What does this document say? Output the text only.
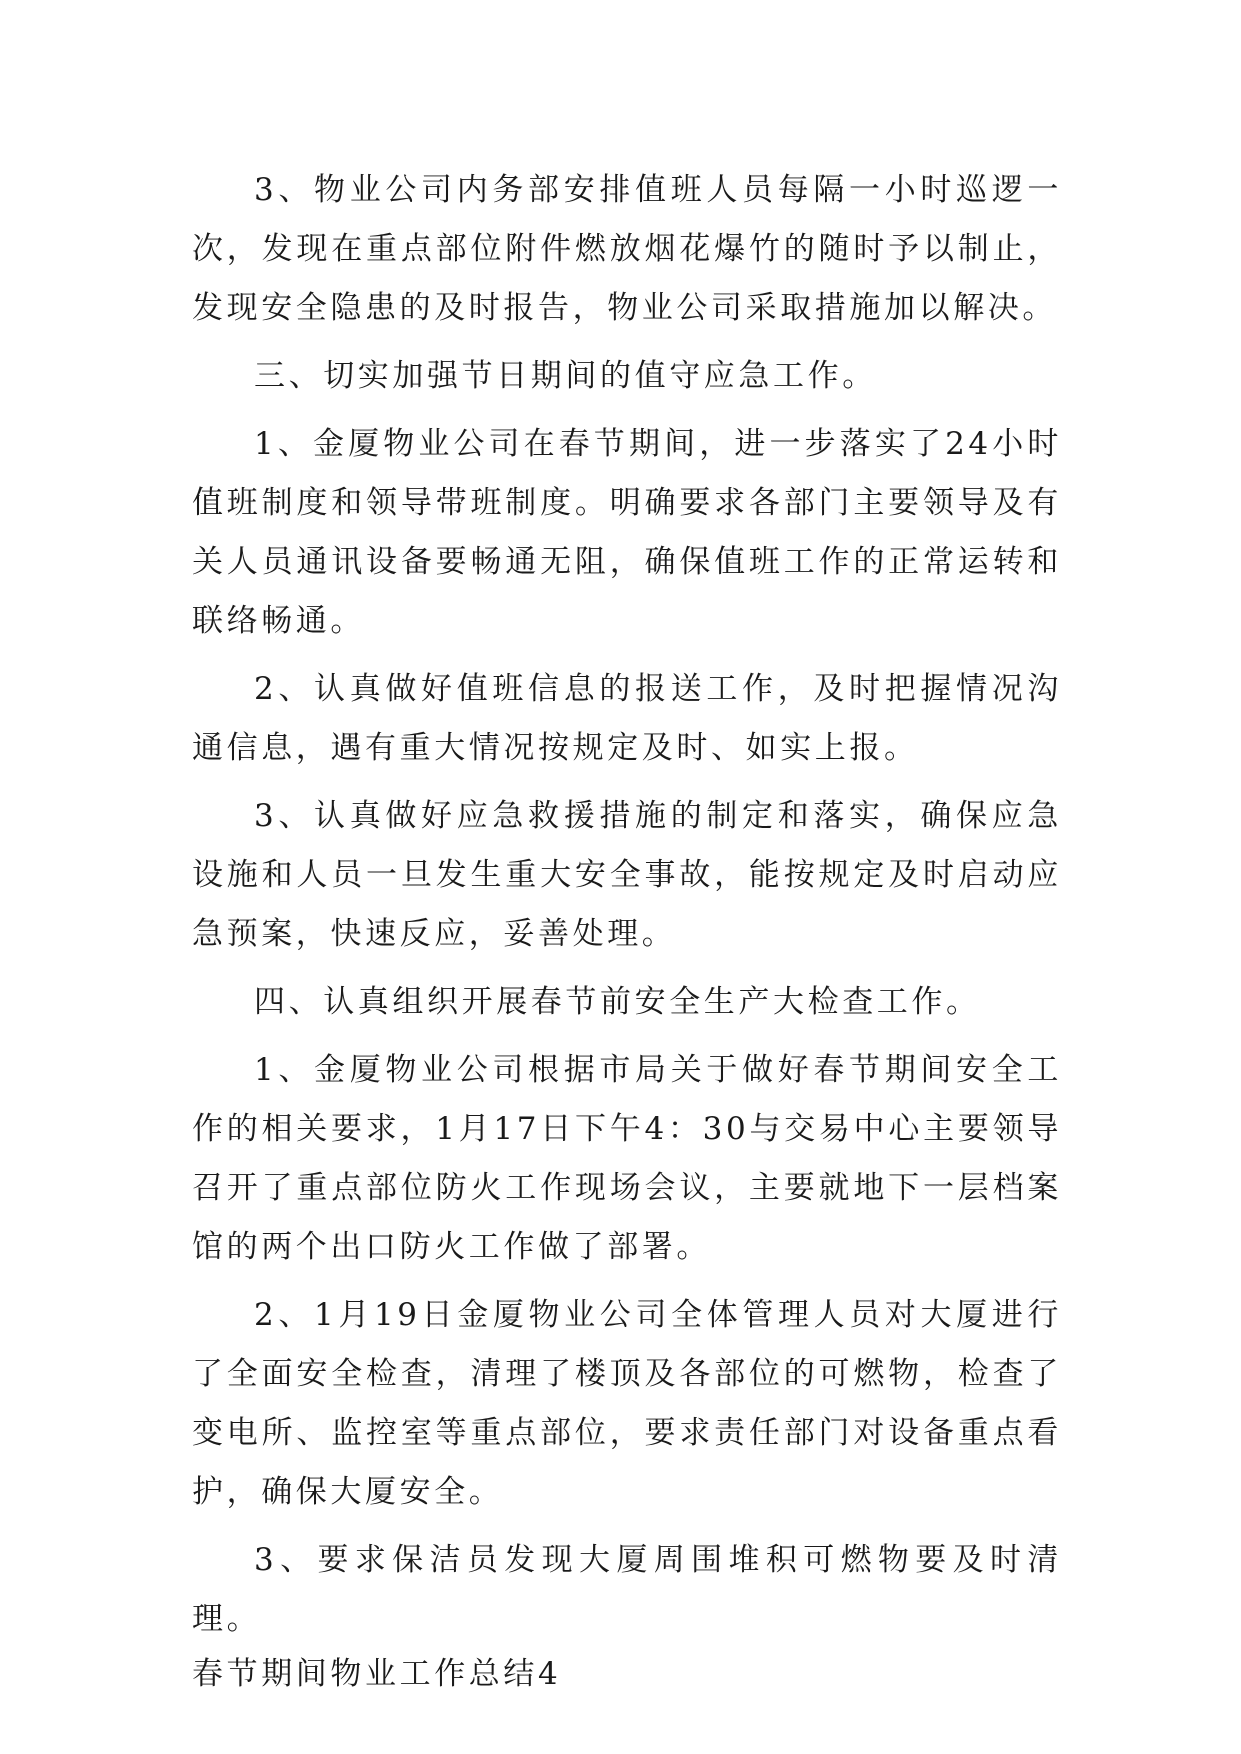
3、物业公司内务部安排值班人员每隔一小时巡逻一次，发现在重点部位附件燃放烟花爆竹的随时予以制止，发现安全隐患的及时报告，物业公司采取措施加以解决。

三、切实加强节日期间的值守应急工作。

1、金厦物业公司在春节期间，进一步落实了24小时值班制度和领导带班制度。明确要求各部门主要领导及有关人员通讯设备要畅通无阻，确保值班工作的正常运转和联络畅通。

2、认真做好值班信息的报送工作，及时把握情况沟通信息，遇有重大情况按规定及时、如实上报。

3、认真做好应急救援措施的制定和落实，确保应急设施和人员一旦发生重大安全事故，能按规定及时启动应急预案，快速反应，妥善处理。

四、认真组织开展春节前安全生产大检查工作。

1、金厦物业公司根据市局关于做好春节期间安全工作的相关要求，1月17日下午4：30与交易中心主要领导召开了重点部位防火工作现场会议，主要就地下一层档案馆的两个出口防火工作做了部署。

2、1月19日金厦物业公司全体管理人员对大厦进行了全面安全检查，清理了楼顶及各部位的可燃物，检查了变电所、监控室等重点部位，要求责任部门对设备重点看护，确保大厦安全。

3、要求保洁员发现大厦周围堆积可燃物要及时清理。

春节期间物业工作总结4
